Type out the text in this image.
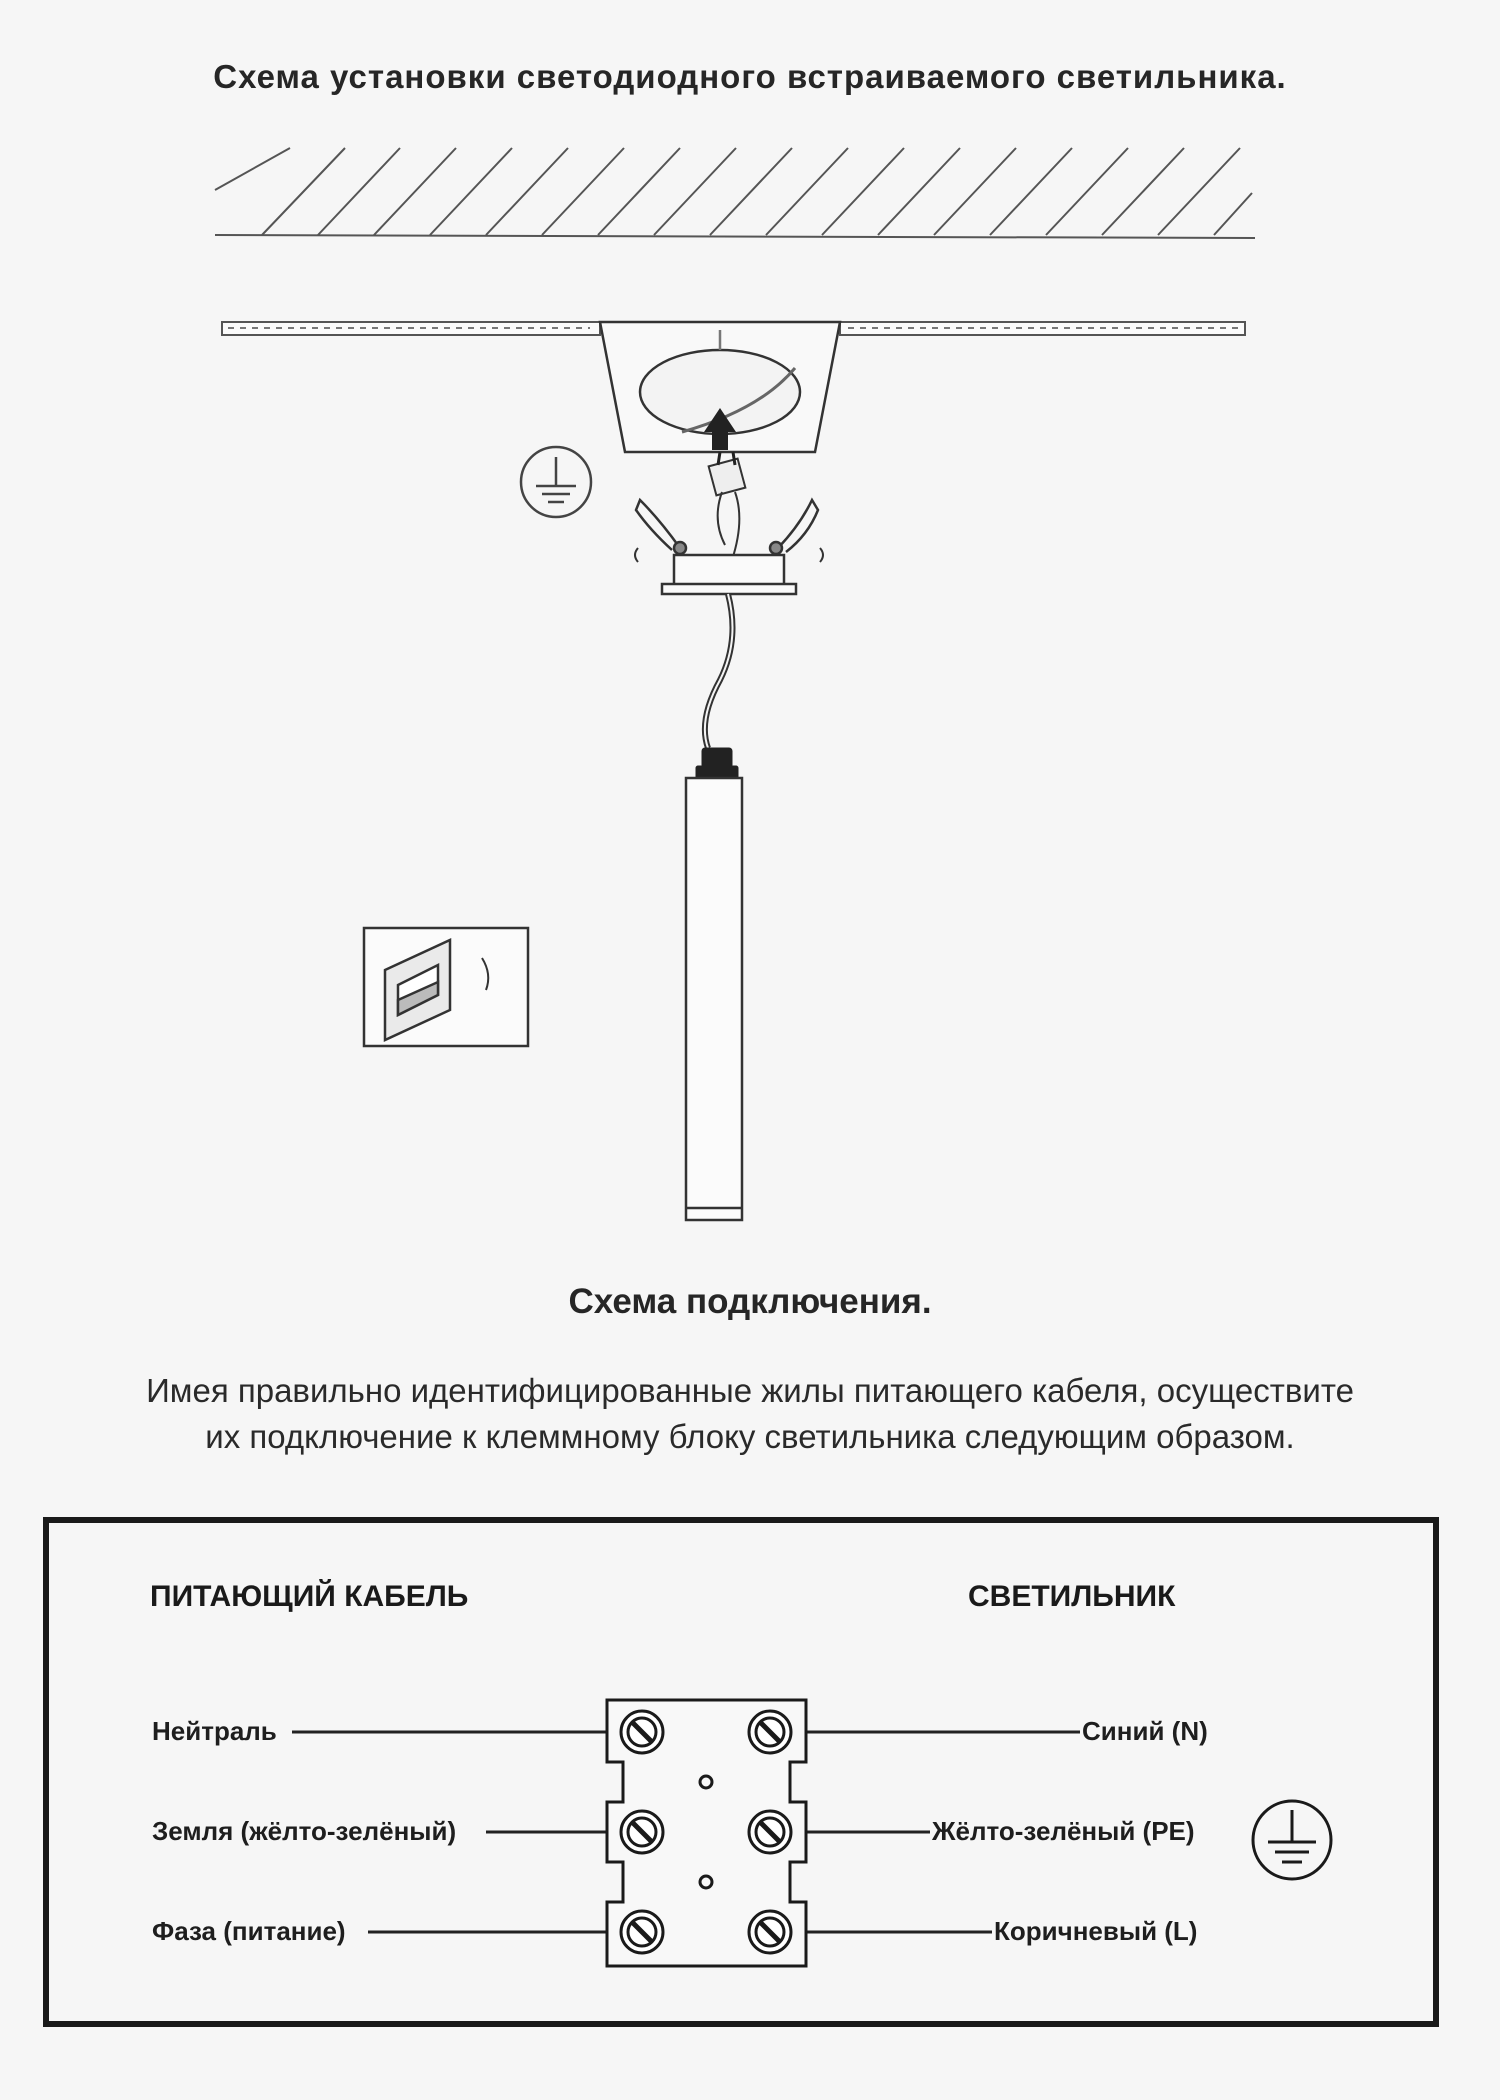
Схема установки светодиодного встраиваемого светильника.
Схема подключения.
Имея правильно идентифицированные жилы питающего кабеля, осуществите
их подключение к клеммному блоку светильника следующим образом.
ПИТАЮЩИЙ КАБЕЛЬ	СВЕТИЛЬНИК
Нейтраль
Земля (жёлто-зелёный)
Фаза (питание)
Синий (N)
Жёлто-зелёный (PE)
Коричневый (L)
